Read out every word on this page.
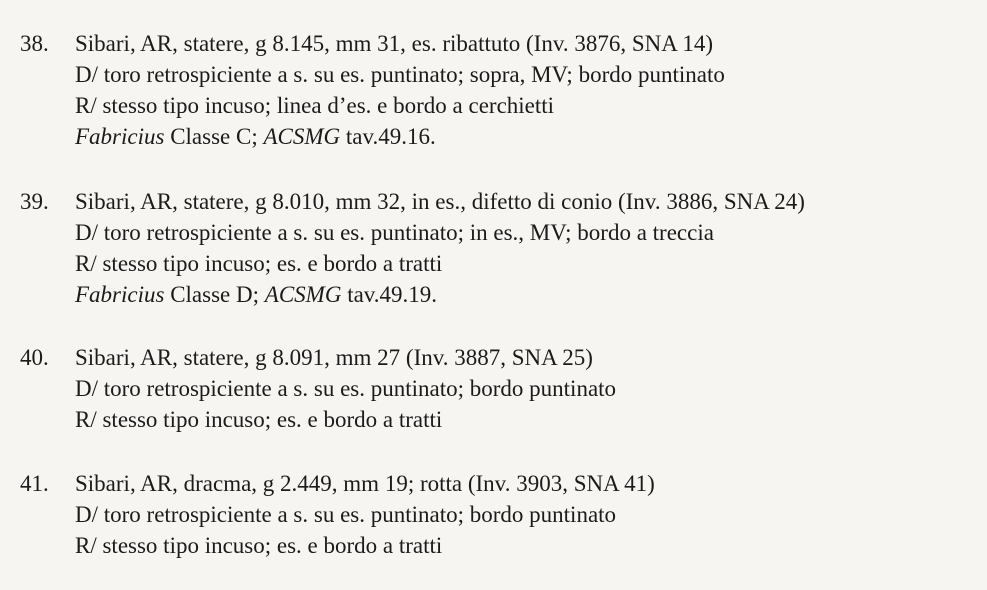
38.	Sibari, AR, statere, g 8.145, mm 31, es. ribattuto (Inv. 3876, SNA 14)
D/ toro retrospiciente a s. su es. puntinato; sopra, MV; bordo puntinato
R/ stesso tipo incuso; linea d’es. e bordo a cerchietti
Fabricius Classe C; ACSMG tav.49.16.
39.	Sibari, AR, statere, g 8.010, mm 32, in es., difetto di conio (Inv. 3886, SNA 24)
D/ toro retrospiciente a s. su es. puntinato; in es., MV; bordo a treccia
R/ stesso tipo incuso; es. e bordo a tratti
Fabricius Classe D; ACSMG tav.49.19.
40.	Sibari, AR, statere, g 8.091, mm 27 (Inv. 3887, SNA 25)
D/ toro retrospiciente a s. su es. puntinato; bordo puntinato
R/ stesso tipo incuso; es. e bordo a tratti
41.	Sibari, AR, dracma, g 2.449, mm 19; rotta (Inv. 3903, SNA 41)
D/ toro retrospiciente a s. su es. puntinato; bordo puntinato
R/ stesso tipo incuso; es. e bordo a tratti
